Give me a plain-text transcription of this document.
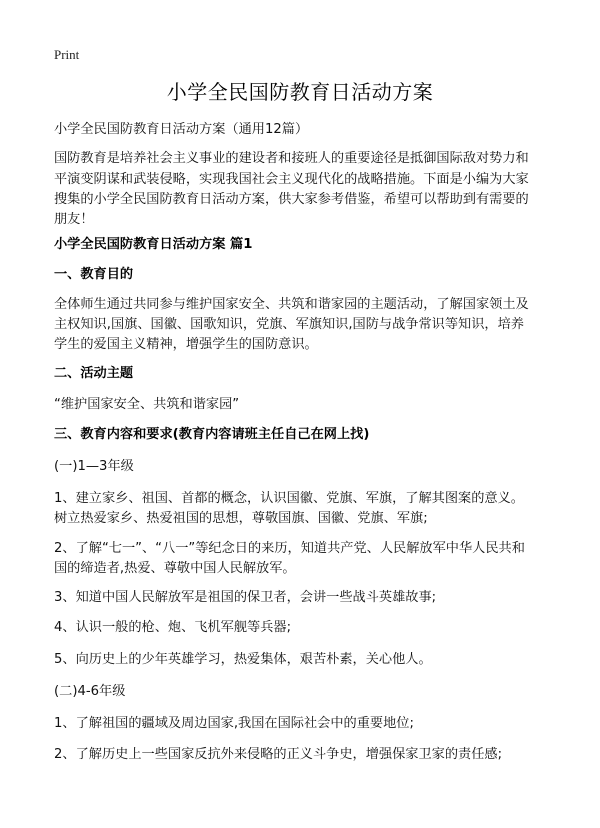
Print
小学全民国防教育日活动方案
小学全民国防教育日活动方案（通用12篇）
国防教育是培养社会主义事业的建设者和接班人的重要途径是抵御国际敌对势力和
平演变阴谋和武装侵略，实现我国社会主义现代化的战略措施。下面是小编为大家
搜集的小学全民国防教育日活动方案，供大家参考借鉴，希望可以帮助到有需要的
朋友！
小学全民国防教育日活动方案 篇1
一、教育目的
全体师生通过共同参与维护国家安全、共筑和谐家园的主题活动，了解国家领土及
主权知识,国旗、国徽、国歌知识，党旗、军旗知识,国防与战争常识等知识，培养
学生的爱国主义精神，增强学生的国防意识。
二、活动主题
“维护国家安全、共筑和谐家园”
三、教育内容和要求(教育内容请班主任自己在网上找)
(一)1—3年级
1、建立家乡、祖国、首都的概念，认识国徽、党旗、军旗，了解其图案的意义。
树立热爱家乡、热爱祖国的思想，尊敬国旗、国徽、党旗、军旗;
2、了解“七一”、“八一”等纪念日的来历，知道共产党、人民解放军中华人民共和
国的缔造者,热爱、尊敬中国人民解放军。
3、知道中国人民解放军是祖国的保卫者，会讲一些战斗英雄故事;
4、认识一般的枪、炮、飞机军舰等兵器;
5、向历史上的少年英雄学习，热爱集体，艰苦朴素，关心他人。
(二)4-6年级
1、了解祖国的疆域及周边国家,我国在国际社会中的重要地位;
2、了解历史上一些国家反抗外来侵略的正义斗争史，增强保家卫家的责任感;
